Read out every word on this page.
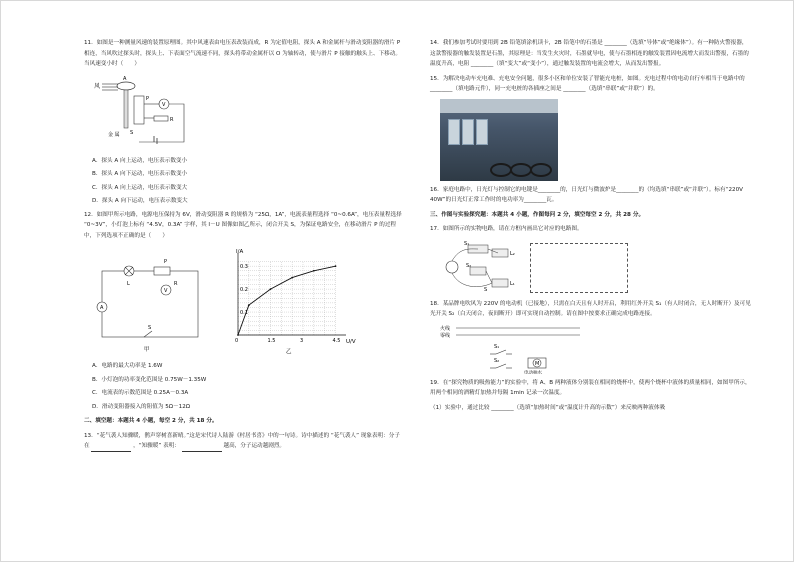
11．如图是一种测量风速的装置原理图。其中风速表由电压表改装而成，R 为定值电阻，探头 A 和金属杆与滑动变阻器的滑片 P 相连，当风吹过探头时，探头上、下表面空气流速不同，探头将带动金属杆以 O 为轴转动，使与滑片 P 接触的触头上、下移动。当风速变小时（　　）

风
A
P
V
R
金 属 S
A．探头 A 向上运动，电压表示数变小
B．探头 A 向下运动，电压表示数变小
C．探头 A 向上运动，电压表示数变大
D．探头 A 向下运动，电压表示数变大

12．如图甲所示电路，电源电压保持为 6V，滑动变阻器 R 的规格为 “25Ω，1A”，电流表量程选择 “0~0.6A”，电压表量程选择 “0~3V”，小灯泡上标有 “4.5V，0.3A” 字样，其 I－U 图像如图乙所示，闭合开关 S，为保证电路安全，在移动滑片 P 的过程中，下列选项不正确的是（　　）

L
P
V
R
A
S
甲
0	1.5	3	4.5
0.1
0.2
0.3
I/A
U/V
乙
A．电路的最大功率是 1.6W
B．小灯泡的功率变化范围是 0.75W－1.35W
C．电流表的示数范围是 0.25A－0.3A
D．滑动变阻器接入的阻值为 5Ω－12Ω
二、填空题：本题共 4 小题，每空 2 分，共 18 分。

13．“花气袭人知骤暖，鹊声穿树喜新晴。”这是宋代诗人陆游《村居书喜》中的一句诗。诗中描述的 “花气袭人” 现象表明：分子在	，“知骤暖” 表明：	越高，分子运动越剧烈。

14．我们参加考试时要用到 2B 铅笔填涂机读卡，2B 铅笔中的石墨是 ________（选填“导体”或“绝缘体”）。有一种防火警报器，这款警报器的触发装置是石墨，其原理是：当发生火灾时，石墨就导电，使与石墨相连的触发装置因电流增大而发出警报，石墨的温度升高，电阻 ________（填“变大”或“变小”），通过触发装置的电流会增大，从而发出警报。

15．为解决电动车充电难、充电安全问题，很多小区和单位安装了智能充电桩，如图。充电过程中的电动自行车相当于电路中的 ________（填电路元件），同一充电桩的各插座之间是 ________（选填“串联”或“并联”）的。

16．家庭电路中，日光灯与控制它的电键是________的，日光灯与微波炉是________的（均选填“串联”或“并联”）。标有“220V　40W”的日光灯正常工作时的电功率为________瓦。

三、作图与实验探究题：本题共 4 小题，作图每问 2 分，填空每空 2 分，共 28 分。

17．如图所示的实物电路，请在方框内画出它对应的电路图。

S₁
L₂
S₂
L₁
S

18．某品牌电吹风为 220V 的电动机（已接地），只需在白天且有人时开启，利用红外开关 S₁（有人时闭合，无人时断开）及可见光开关 S₂（白天闭合，夜间断开）即可实现自动控制。请在图中按要求正确完成电路连接。

火线
零线
S₁
S₂	M
电动抽水

19．在“探究物质的吸热能力”的实验中，将 A、B 两种液体分别装在相同的烧杯中，使两个烧杯中液体的质量相同，如图甲所示，用两个相同的酒精灯加热并每隔 1min 记录一次温度。

（1）实验中，通过比较 ________（选填“加热时间”或“温度计升高的示数”）来反映两种液体吸
